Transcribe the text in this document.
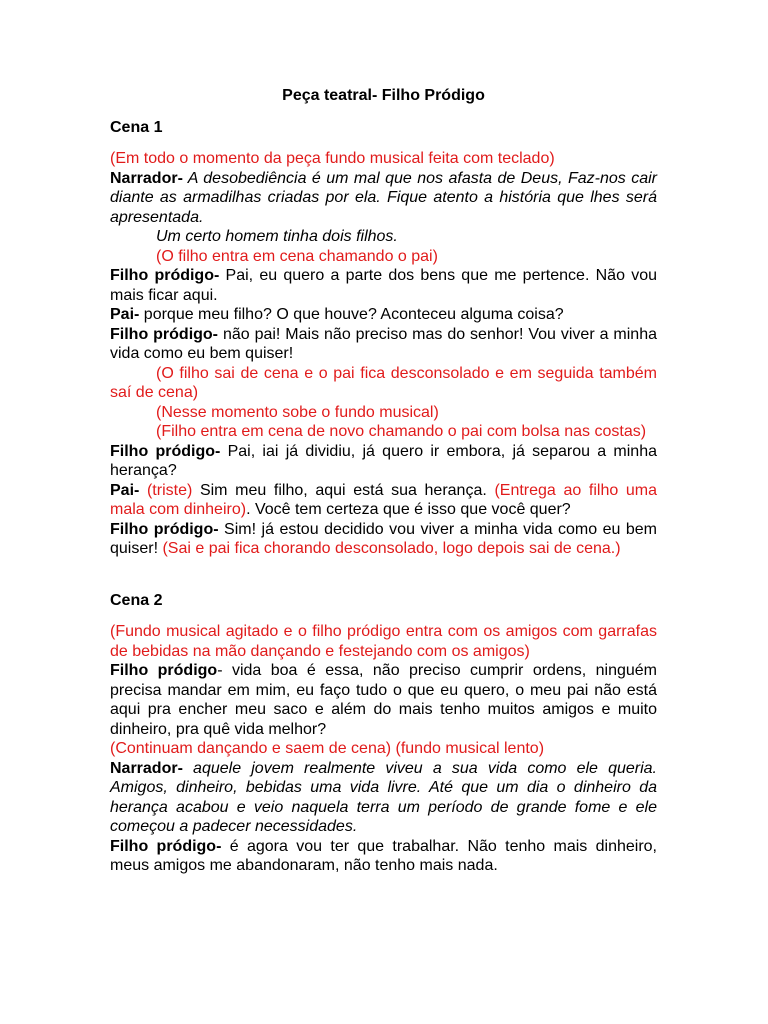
Peça teatral- Filho Pródigo
Cena 1

(Em todo o momento da peça fundo musical feita com teclado)

Narrador- A desobediência é um mal que nos afasta de Deus, Faz-nos cair diante as armadilhas criadas por ela. Fique atento a história que lhes será apresentada.

Um certo homem tinha dois filhos.

(O filho entra em cena chamando o pai)

Filho pródigo- Pai, eu quero a parte dos bens que me pertence. Não vou mais ficar aqui.

Pai- porque meu filho? O que houve? Aconteceu alguma coisa?

Filho pródigo- não pai! Mais não preciso mas do senhor! Vou viver a minha vida como eu bem quiser!

(O filho sai de cena e o pai fica desconsolado e em seguida também saí de cena)

(Nesse momento sobe o fundo musical)

(Filho entra em cena de novo chamando o pai com bolsa nas costas)

Filho pródigo- Pai, iai já dividiu, já quero ir embora, já separou a minha herança?

Pai- (triste) Sim meu filho, aqui está sua herança. (Entrega ao filho uma mala com dinheiro). Você tem certeza que é isso que você quer?

Filho pródigo- Sim! já estou decidido vou viver a minha vida como eu bem quiser! (Sai e pai fica chorando desconsolado, logo depois sai de cena.)

Cena 2

(Fundo musical agitado e o filho pródigo entra com os amigos com garrafas de bebidas na mão dançando e festejando com os amigos)

Filho pródigo- vida boa é essa, não preciso cumprir ordens, ninguém precisa mandar em mim, eu faço tudo o que eu quero, o meu pai não está aqui pra encher meu saco e além do mais tenho muitos amigos e muito dinheiro, pra quê vida melhor?

(Continuam dançando e saem de cena) (fundo musical lento)

Narrador- aquele jovem realmente viveu a sua vida como ele queria. Amigos, dinheiro, bebidas uma vida livre. Até que um dia o dinheiro da herança acabou e veio naquela terra um período de grande fome e ele começou a padecer necessidades.

Filho pródigo- é agora vou ter que trabalhar. Não tenho mais dinheiro, meus amigos me abandonaram, não tenho mais nada.
